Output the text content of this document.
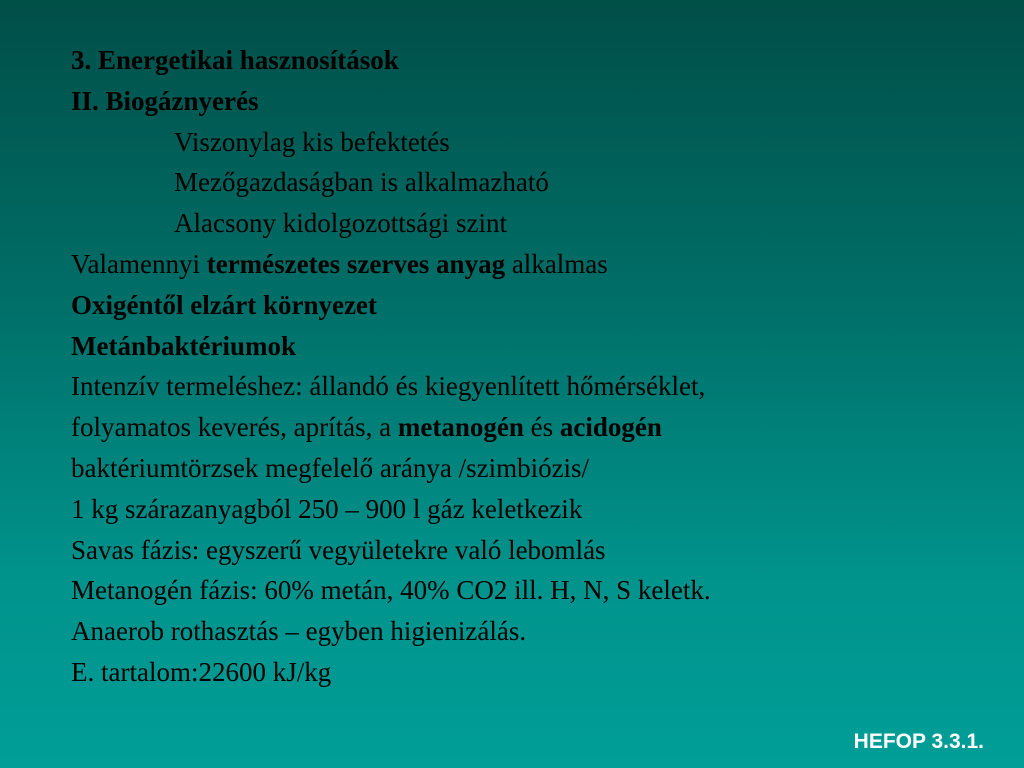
3. Energetikai hasznosítások
II. Biogáznyerés
Viszonylag kis befektetés
Mezőgazdaságban is alkalmazható
Alacsony kidolgozottsági szint
Valamennyi természetes szerves anyag alkalmas
Oxigéntől elzárt környezet
Metánbaktériumok
Intenzív termeléshez: állandó és kiegyenlített hőmérséklet,
folyamatos keverés, aprítás, a metanogén és acidogén
baktériumtörzsek megfelelő aránya /szimbiózis/
1 kg szárazanyagból 250 – 900 l gáz keletkezik
Savas fázis: egyszerű vegyületekre való lebomlás
Metanogén fázis: 60% metán, 40% CO2 ill. H, N, S keletk.
Anaerob rothasztás – egyben higienizálás.
E. tartalom:22600 kJ/kg
HEFOP 3.3.1.
